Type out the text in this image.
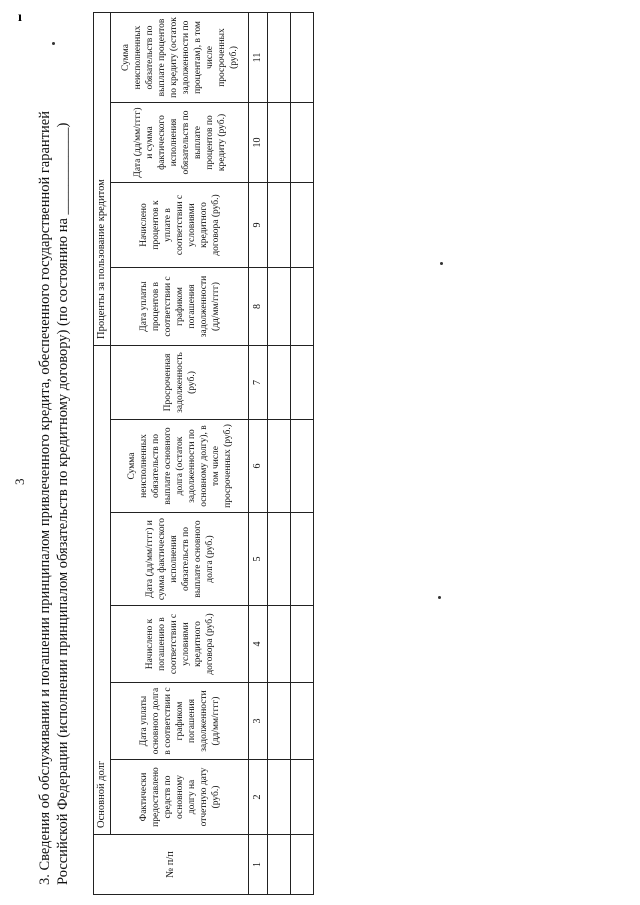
3 3. Сведения об обслуживании и погашении принципалом привлеченного кредита, обеспеченного государственной гарантией Российской Федерации (исполнении принципалом обязательств по кредитному договору) (по состоянию на ____________)	№ п/п	Основной долг						Проценты за пользование кредитом			
	Фактически предоставлено средств по основному долгу на отчетную дату (руб.)	Дата уплаты основного долга в соответствии с графиком погашения задолженности (дд/мм/гггг)	Начислено к погашению в соответствии с условиями кредитного договора (руб.)	Дата (дд/мм/гггг) и сумма фактического исполнения обязательств по выплате основного долга (руб.)	Сумма неисполненных обязательств по выплате основного долга (остаток задолженности по основному долгу), в том числе просроченных (руб.)	Просроченная задолженность (руб.)	Дата уплаты процентов в соответствии с графиком погашения задолженности (дд/мм/гггг)	Начислено процентов к уплате в соответствии с условиями кредитного договора (руб.)	Дата (дд/мм/гггг) и сумма фактического исполнения обязательств по выплате процентов по кредиту (руб.)	Сумма неисполненных обязательств по выплате процентов по кредиту (остаток задолженности по процентам), в том числе просроченных (руб.)
1	2	3	4	5	6	7	8	9	10	11

ı
